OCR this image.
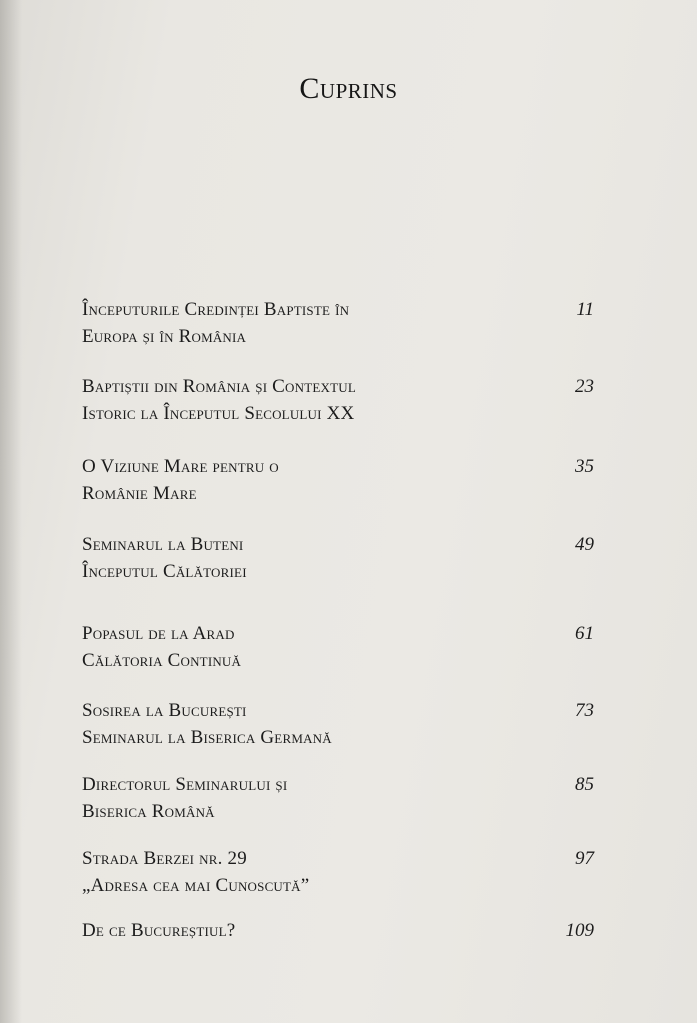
Cuprins
Începuturile Credinței Baptiste în
Europa și în România
11
Baptiștii din România și Contextul
Istoric la Începutul Secolului XX
23
O Viziune Mare pentru o
Românie Mare
35
Seminarul la Buteni
Începutul Călătoriei
49
Popasul de la Arad
Călătoria Continuă
61
Sosirea la București
Seminarul la Biserica Germană
73
Directorul Seminarului și
Biserica Română
85
Strada Berzei nr. 29
„Adresa cea mai Cunoscută”
97
De ce Bucureștiul?	109
